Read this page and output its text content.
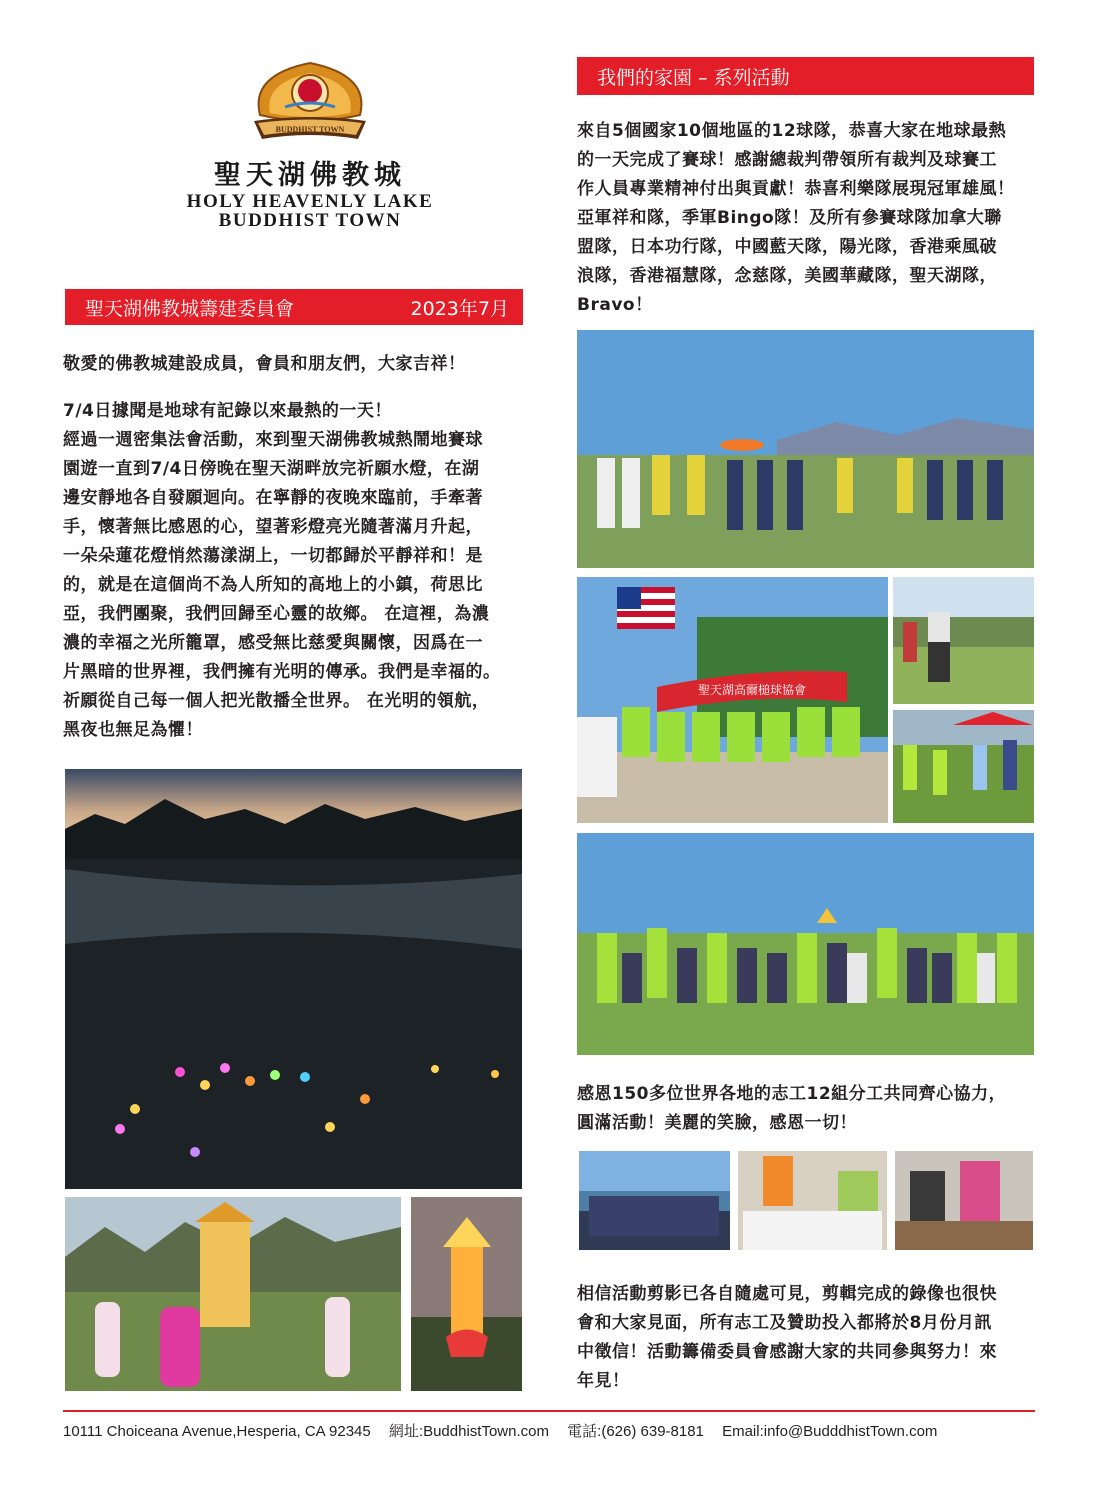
BUDDHIST TOWN
聖天湖佛教城
HOLY HEAVENLY LAKE
BUDDHIST TOWN
聖天湖佛教城籌建委員會	2023年7月
敬愛的佛教城建設成員，會員和朋友們，大家吉祥！
7/4日據聞是地球有記錄以來最熱的一天！
經過一週密集法會活動，來到聖天湖佛教城熱鬧地賽球
園遊一直到7/4日傍晚在聖天湖畔放完祈願水燈，在湖
邊安靜地各自發願迴向。在寧靜的夜晚來臨前，手牽著
手，懷著無比感恩的心，望著彩燈亮光隨著滿月升起，
一朵朵蓮花燈悄然蕩漾湖上，一切都歸於平靜祥和！是
的，就是在這個尚不為人所知的高地上的小鎮，荷思比
亞，我們團聚，我們回歸至心靈的故鄉。 在這裡，為濃
濃的幸福之光所籠罩，感受無比慈愛與關懷，因爲在一
片黑暗的世界裡，我們擁有光明的傳承。我們是幸福的。
祈願從自己每一個人把光散播全世界。 在光明的領航，
黑夜也無足為懼！
我們的家園 – 系列活動
來自5個國家10個地區的12球隊，恭喜大家在地球最熱
的一天完成了賽球！感謝總裁判帶領所有裁判及球賽工
作人員專業精神付出與貢獻！恭喜利樂隊展現冠軍雄風！
亞軍祥和隊，季軍Bingo隊！及所有參賽球隊加拿大聯
盟隊，日本功行隊，中國藍天隊，陽光隊，香港乘風破
浪隊，香港福慧隊，念慈隊，美國華藏隊，聖天湖隊，
Bravo！
聖天湖高爾槌球協會
感恩150多位世界各地的志工12組分工共同齊心協力，
圓滿活動！美麗的笑臉，感恩一切！
相信活動剪影已各自隨處可見，剪輯完成的錄像也很快
會和大家見面，所有志工及贊助投入都將於8月份月訊
中徵信！活動籌備委員會感謝大家的共同參與努力！來
年見！
10111 Choiceana Avenue,Hesperia, CA 92345 網址:BuddhistTown.com 電話:(626) 639-8181 Email:info@BudddhistTown.com
